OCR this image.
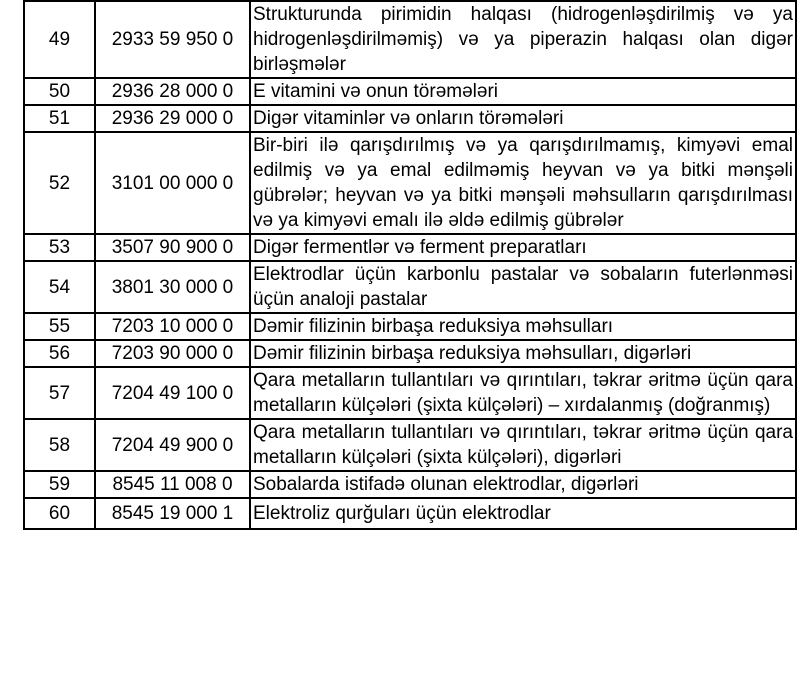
49	2933 59 950 0	Strukturunda pirimidin halqası (hidrogenləşdirilmiş və ya hidrogenləşdirilməmiş) və ya piperazin halqası olan digər birləşmələr
50	2936 28 000 0	E vitamini və onun törəmələri
51	2936 29 000 0	Digər vitaminlər və onların törəmələri
52	3101 00 000 0	Bir-biri ilə qarışdırılmış və ya qarışdırılmamış, kimyəvi emal edilmiş və ya emal edilməmiş heyvan və ya bitki mənşəli gübrələr; heyvan və ya bitki mənşəli məhsulların qarışdırılması və ya kimyəvi emalı ilə əldə edilmiş gübrələr
53	3507 90 900 0	Digər fermentlər və ferment preparatları
54	3801 30 000 0	Elektrodlar üçün karbonlu pastalar və sobaların futerlənməsi üçün analoji pastalar
55	7203 10 000 0	Dəmir filizinin birbaşa reduksiya məhsulları
56	7203 90 000 0	Dəmir filizinin birbaşa reduksiya məhsulları, digərləri
57	7204 49 100 0	Qara metalların tullantıları və qırıntıları, təkrar əritmə üçün qara metalların külçələri (şixta külçələri) – xırdalanmış (doğranmış)
58	7204 49 900 0	Qara metalların tullantıları və qırıntıları, təkrar əritmə üçün qara metalların külçələri (şixta külçələri), digərləri
59	8545 11 008 0	Sobalarda istifadə olunan elektrodlar, digərləri
60	8545 19 000 1	Elektroliz qurğuları üçün elektrodlar
